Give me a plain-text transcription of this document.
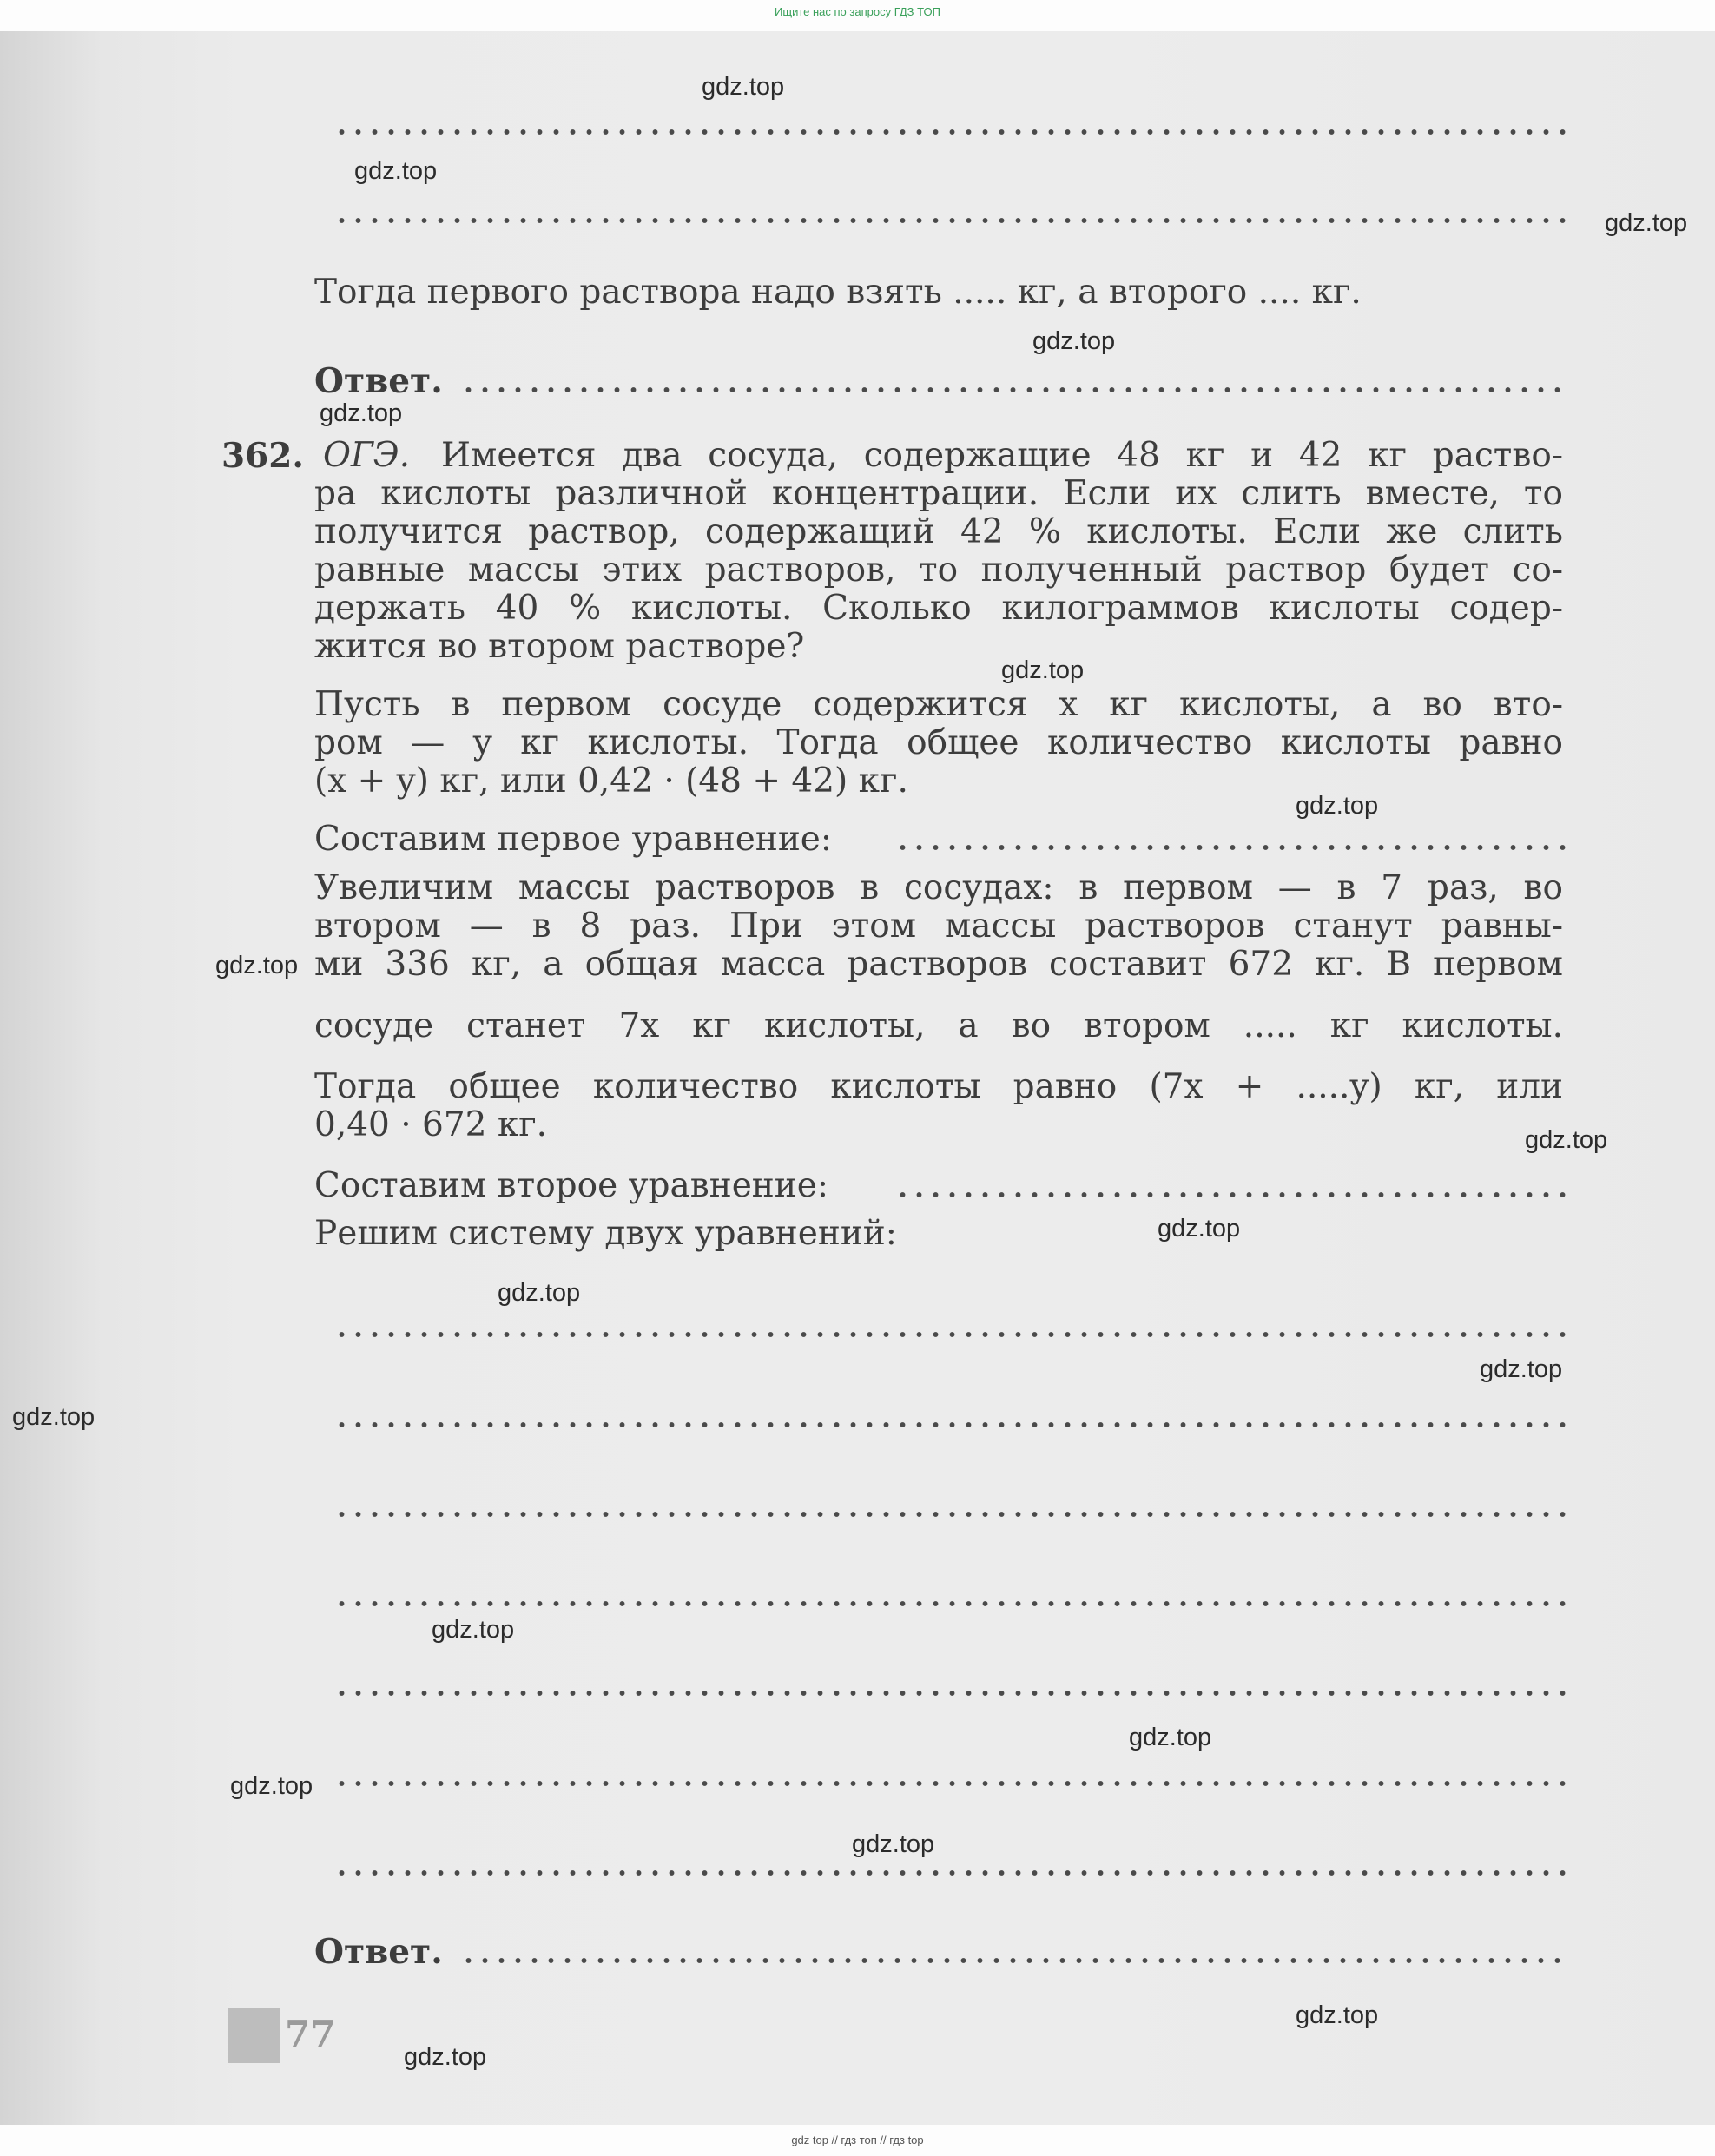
Ищите нас по запросу ГДЗ ТОП
Тогда первого раствора надо взять ..... кг, а второго .... кг.
Ответ.
362. ОГЭ. Имеется два сосуда, содержащие 48 кг и 42 кг раство-
ра кислоты различной концентрации. Если их слить вместе, то
получится раствор, содержащий 42 % кислоты. Если же слить
равные массы этих растворов, то полученный раствор будет со-
держать 40 % кислоты. Сколько килограммов кислоты содер-
жится во втором растворе?
Пусть в первом сосуде содержится x кг кислоты, а во вто-
ром — y кг кислоты. Тогда общее количество кислоты равно
(x + y) кг, или 0,42 · (48 + 42) кг.
Составим первое уравнение:
Увеличим массы растворов в сосудах: в первом — в 7 раз, во
втором — в 8 раз. При этом массы растворов станут равны-
ми 336 кг, а общая масса растворов составит 672 кг. В первом
сосуде станет 7x кг кислоты, а во втором ..... кг кислоты.
Тогда общее количество кислоты равно (7x + .....y) кг, или
0,40 · 672 кг.
Составим второе уравнение:
Решим систему двух уравнений:
Ответ.
77
gdz.top
gdz.top
gdz.top
gdz.top
gdz.top
gdz.top
gdz.top
gdz.top
gdz.top
gdz.top
gdz.top
gdz.top
gdz.top
gdz.top
gdz.top
gdz.top
gdz.top
gdz.top
gdz.top
gdz top // гдз топ // гдз top
